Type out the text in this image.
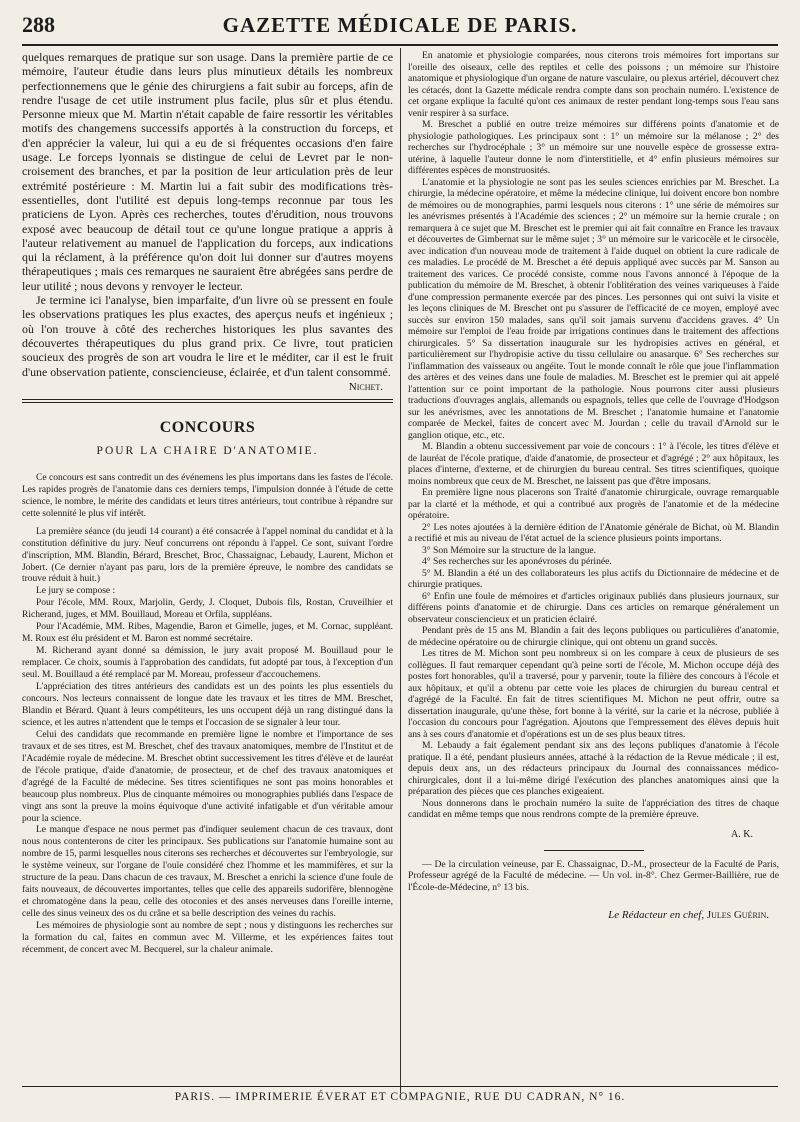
288	GAZETTE MÉDICALE DE PARIS.

quelques remarques de pratique sur son usage. Dans la première partie de ce mémoire, l'auteur étudie dans leurs plus minutieux détails les nombreux perfectionnemens que le génie des chirurgiens a fait subir au forceps, afin de rendre l'usage de cet utile instrument plus facile, plus sûr et plus étendu. Personne mieux que M. Martin n'était capable de faire ressortir les véritables motifs des changemens successifs apportés à la construction du forceps, et d'en apprécier la valeur, lui qui a eu de si fréquentes occasions d'en faire usage. Le forceps lyonnais se distingue de celui de Levret par le non-croisement des branches, et par la position de leur articulation près de leur extrémité postérieure : M. Martin lui a fait subir des modifications très-essentielles, dont l'utilité est depuis long-temps reconnue par tous les praticiens de Lyon. Après ces recherches, toutes d'érudition, nous trouvons exposé avec beaucoup de détail tout ce qu'une longue pratique a appris à l'auteur relativement au manuel de l'application du forceps, aux indications qui la réclament, à la préférence qu'on doit lui donner sur d'autres moyens thérapeutiques ; mais ces remarques ne sauraient être abrégées sans perdre de leur utilité ; nous devons y renvoyer le lecteur.

Je termine ici l'analyse, bien imparfaite, d'un livre où se pressent en foule les observations pratiques les plus exactes, des aperçus neufs et ingénieux ; où l'on trouve à côté des recherches historiques les plus savantes des découvertes thérapeutiques du plus grand prix. Ce livre, tout praticien soucieux des progrès de son art voudra le lire et le méditer, car il est le fruit d'une observation patiente, consciencieuse, éclairée, et d'un talent consommé.

Nichet.
CONCOURS
POUR LA CHAIRE D'ANATOMIE.

Ce concours est sans contredit un des événemens les plus importans dans les fastes de l'école. Les rapides progrès de l'anatomie dans ces derniers temps, l'impulsion donnée à l'étude de cette science, le nombre, le mérite des candidats et leurs titres antérieurs, tout contribue à répandre sur cette solennité le plus vif intérêt.

La première séance (du jeudi 14 courant) a été consacrée à l'appel nominal du candidat et à la constitution définitive du jury. Neuf concurrens ont répondu à l'appel. Ce sont, suivant l'ordre d'inscription, MM. Blandin, Bérard, Breschet, Broc, Chassaignac, Lebaudy, Laurent, Michon et Jobert. (Ce dernier n'ayant pas paru, lors de la première épreuve, le nombre des candidats se trouve réduit à huit.)

Le jury se compose :

Pour l'école, MM. Roux, Marjolin, Gerdy, J. Cloquet, Dubois fils, Rostan, Cruveilhier et Richerand, juges, et MM. Bouillaud, Moreau et Orfila, suppléans.

Pour l'Académie, MM. Ribes, Magendie, Baron et Gimelle, juges, et M. Cornac, suppléant. M. Roux est élu président et M. Baron est nommé secrétaire.

M. Richerand ayant donné sa démission, le jury avait proposé M. Bouillaud pour le remplacer. Ce choix, soumis à l'approbation des candidats, fut adopté par tous, à l'exception d'un seul. M. Bouillaud a été remplacé par M. Moreau, professeur d'accouchemens.

L'appréciation des titres antérieurs des candidats est un des points les plus essentiels du concours. Nos lecteurs connaissent de longue date les travaux et les titres de MM. Breschet, Blandin et Bérard. Quant à leurs compétiteurs, les uns occupent déjà un rang distingué dans la science, et les autres n'attendent que le temps et l'occasion de se signaler à leur tour.

Celui des candidats que recommande en première ligne le nombre et l'importance de ses travaux et de ses titres, est M. Breschet, chef des travaux anatomiques, membre de l'Institut et de l'Académie royale de médecine. M. Breschet obtint successivement les titres d'élève et de lauréat de l'école pratique, d'aide d'anatomie, de prosecteur, et de chef des travaux anatomiques et d'agrégé de la Faculté de médecine. Ses titres scientifiques ne sont pas moins honorables et beaucoup plus nombreux. Plus de cinquante mémoires ou monographies publiés dans l'espace de vingt ans sont la preuve la moins équivoque d'une activité infatigable et d'un véritable amour pour la science.

Le manque d'espace ne nous permet pas d'indiquer seulement chacun de ces travaux, dont nous nous contenterons de citer les principaux. Ses publications sur l'anatomie humaine sont au nombre de 15, parmi lesquelles nous citerons ses recherches et découvertes sur l'embryologie, sur le système veineux, sur l'organe de l'ouïe considéré chez l'homme et les mammifères, et sur la structure de la peau. Dans chacun de ces travaux, M. Breschet a enrichi la science d'une foule de faits nouveaux, de découvertes importantes, telles que celle des appareils sudorifère, blennogène et chromatogène dans la peau, celle des otoconies et des anses nerveuses dans l'oreille interne, celle des sinus veineux des os du crâne et sa belle description des veines du rachis.

Les mémoires de physiologie sont au nombre de sept ; nous y distinguons les recherches sur la formation du cal, faites en commun avec M. Villerme, et les expériences faites tout récemment, de concert avec M. Becquerel, sur la chaleur animale.

En anatomie et physiologie comparées, nous citerons trois mémoires fort importans sur l'oreille des oiseaux, celle des reptiles et celle des poissons ; un mémoire sur l'histoire anatomique et physiologique d'un organe de nature vasculaire, ou plexus artériel, découvert chez les cétacés, dont la Gazette médicale rendra compte dans son prochain numéro. L'existence de cet organe explique la faculté qu'ont ces animaux de rester pendant long-temps sous l'eau sans venir respirer à sa surface.

M. Breschet a publié en outre treize mémoires sur différens points d'anatomie et de physiologie pathologiques. Les principaux sont : 1° un mémoire sur la mélanose ; 2° des recherches sur l'hydrocéphale ; 3° un mémoire sur une nouvelle espèce de grossesse extra-utérine, à laquelle l'auteur donne le nom d'interstitielle, et 4° enfin plusieurs mémoires sur différentes espèces de monstruosités.

L'anatomie et la physiologie ne sont pas les seules sciences enrichies par M. Breschet. La chirurgie, la médecine opératoire, et même la médecine clinique, lui doivent encore bon nombre de mémoires ou de monographies, parmi lesquels nous citerons : 1° une série de mémoires sur les anévrismes présentés à l'Académie des sciences ; 2° un mémoire sur la hernie crurale ; on remarquera à ce sujet que M. Breschet est le premier qui ait fait connaître en France les travaux et découvertes de Gimbernat sur le même sujet ; 3° un mémoire sur le varicocèle et le cirsocèle, avec indication d'un nouveau mode de traitement à l'aide duquel on obtient la cure radicale de ces maladies. Le procédé de M. Breschet a été depuis appliqué avec succès par M. Sanson au traitement des varices. Ce procédé consiste, comme nous l'avons annoncé à l'époque de la publication du mémoire de M. Breschet, à obtenir l'oblitération des veines variqueuses à l'aide d'une compression permanente exercée par des pinces. Les personnes qui ont suivi la visite et les leçons cliniques de M. Breschet ont pu s'assurer de l'efficacité de ce moyen, employé avec succès sur environ 150 malades, sans qu'il soit jamais survenu d'accidens graves. 4° Un mémoire sur l'emploi de l'eau froide par irrigations continues dans le traitement des affections chirurgicales. 5° Sa dissertation inaugurale sur les hydropisies actives en général, et particulièrement sur l'hydropisie active du tissu cellulaire ou anasarque. 6° Ses recherches sur l'inflammation des vaisseaux ou angéite. Tout le monde connaît le rôle que joue l'inflammation des artères et des veines dans une foule de maladies. M. Breschet est le premier qui ait appelé l'attention sur ce point important de la pathologie. Nous pourrons citer aussi plusieurs traductions d'ouvrages anglais, allemands ou espagnols, telles que celle de l'ouvrage d'Hodgson sur les anévrismes, avec les annotations de M. Breschet ; l'anatomie humaine et l'anatomie comparée de Meckel, faites de concert avec M. Jourdan ; celle du travail d'Arnold sur le ganglion otique, etc., etc.

M. Blandin a obtenu successivement par voie de concours : 1° à l'école, les titres d'élève et de lauréat de l'école pratique, d'aide d'anatomie, de prosecteur et d'agrégé ; 2° aux hôpitaux, les places d'interne, d'externe, et de chirurgien du bureau central. Ses titres scientifiques, quoique moins nombreux que ceux de M. Breschet, ne laissent pas que d'être imposans.

En première ligne nous placerons son Traité d'anatomie chirurgicale, ouvrage remarquable par la clarté et la méthode, et qui a contribué aux progrès de l'anatomie et de la médecine opératoire.

2° Les notes ajoutées à la dernière édition de l'Anatomie générale de Bichat, où M. Blandin a rectifié et mis au niveau de l'état actuel de la science plusieurs points importans.

3° Son Mémoire sur la structure de la langue.

4° Ses recherches sur les aponévroses du périnée.

5° M. Blandin a été un des collaborateurs les plus actifs du Dictionnaire de médecine et de chirurgie pratiques.

6° Enfin une foule de mémoires et d'articles originaux publiés dans plusieurs journaux, sur différens points d'anatomie et de chirurgie. Dans ces articles on remarque généralement un observateur consciencieux et un praticien éclairé.

Pendant près de 15 ans M. Blandin a fait des leçons publiques ou particulières d'anatomie, de médecine opératoire ou de chirurgie clinique, qui ont obtenu un grand succès.

Les titres de M. Michon sont peu nombreux si on les compare à ceux de plusieurs de ses collègues. Il faut remarquer cependant qu'à peine sorti de l'école, M. Michon occupe déjà des postes fort honorables, qu'il a traversé, pour y parvenir, toute la filière des concours à l'école et aux hôpitaux, et qu'il a obtenu par cette voie les places de chirurgien du bureau central et d'agrégé de la Faculté. En fait de titres scientifiques M. Michon ne peut offrir, outre sa dissertation inaugurale, qu'une thèse, fort bonne à la vérité, sur la carie et la nécrose, publiée à l'occasion du concours pour l'agrégation. Ajoutons que l'empressement des élèves depuis huit ans à ses cours d'anatomie et d'opérations est un de ses plus beaux titres.

M. Lebaudy a fait également pendant six ans des leçons publiques d'anatomie à l'école pratique. Il a été, pendant plusieurs années, attaché à la rédaction de la Revue médicale ; il est, depuis deux ans, un des rédacteurs principaux du Journal des connaissances médico-chirurgicales, dont il a lui-même dirigé l'exécution des planches anatomiques ainsi que la préparation des pièces que ces planches exigeaient.

Nous donnerons dans le prochain numéro la suite de l'appréciation des titres de chaque candidat en même temps que nous rendrons compte de la première épreuve.

A. K.

— De la circulation veineuse, par E. Chassaignac, D.-M., prosecteur de la Faculté de Paris, Professeur agrégé de la Faculté de médecine. — Un vol. in-8°. Chez Germer-Baillière, rue de l'École-de-Médecine, n° 13 bis.

Le Rédacteur en chef, Jules Guérin.
PARIS. — IMPRIMERIE ÉVERAT ET COMPAGNIE, RUE DU CADRAN, N° 16.
